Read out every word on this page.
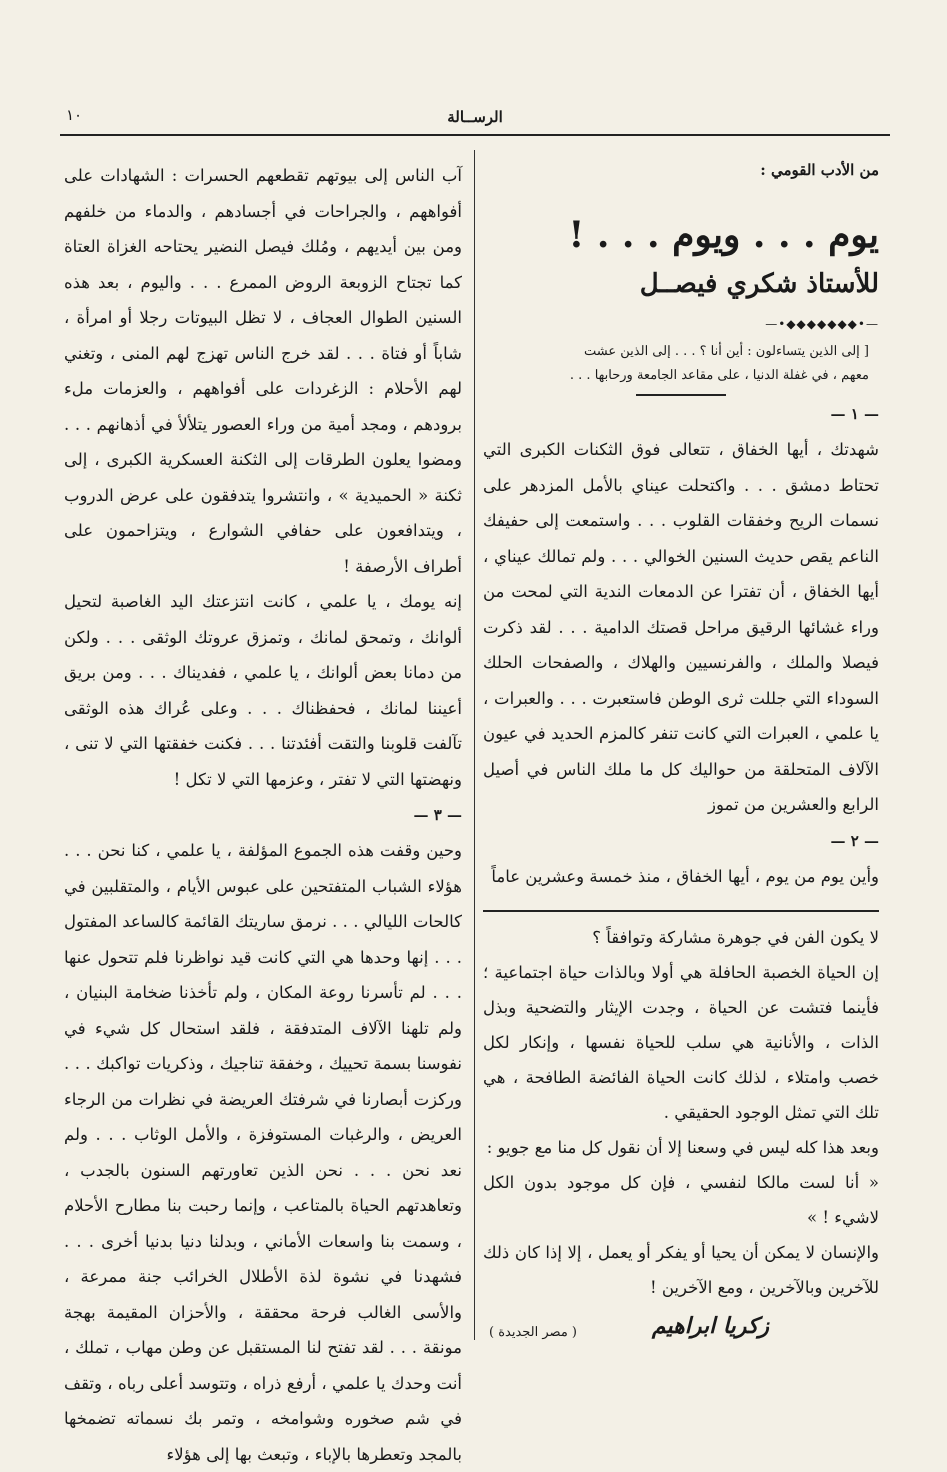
الرســالة
١٠
من الأدب القومي :
يوم . . . ويوم . . . !
للأستاذ شكري فيصــل
—•◆◆◆◆◆◆◆•—
[ إلى الذين يتساءلون : أين أنا ؟ . . . إلى الذين عشت
معهم ، في غفلة الدنيا ، على مقاعد الجامعة ورحابها . . .
— ١ —

شهدتك ، أيها الخفاق ، تتعالى فوق الثكنات الكبرى التي تحتاط دمشق . . . واكتحلت عيناي بالأمل المزدهر على نسمات الريح وخفقات القلوب . . . واستمعت إلى حفيفك الناعم يقص حديث السنين الخوالي . . . ولم تمالك عيناي ، أيها الخفاق ، أن تفترا عن الدمعات الندية التي لمحت من وراء غشائها الرقيق مراحل قصتك الدامية . . . لقد ذكرت فيصلا والملك ، والفرنسيين والهلاك ، والصفحات الحلك السوداء التي جللت ثرى الوطن فاستعبرت . . . والعبرات ، يا علمي ، العبرات التي كانت تنفر كالمزم الحديد في عيون الآلاف المتحلقة من حواليك كل ما ملك الناس في أصيل الرابع والعشرين من تموز

— ٢ —

وأين يوم من يوم ، أيها الخفاق ، منذ خمسة وعشرين عاماً

لا يكون الفن في جوهرة مشاركة وتوافقاً ؟

إن الحياة الخصبة الحافلة هي أولا وبالذات حياة اجتماعية ؛ فأينما فتشت عن الحياة ، وجدت الإيثار والتضحية وبذل الذات ، والأنانية هي سلب للحياة نفسها ، وإنكار لكل خصب وامتلاء ، لذلك كانت الحياة الفائضة الطافحة ، هي تلك التي تمثل الوجود الحقيقي .

وبعد هذا كله ليس في وسعنا إلا أن نقول كل منا مع جويو :

« أنا لست مالكا لنفسي ، فإن كل موجود بدون الكل لاشيء ! »

والإنسان لا يمكن أن يحيا أو يفكر أو يعمل ، إلا إذا كان ذلك للآخرين وبالآخرين ، ومع الآخرين !

زكريا ابراهيم
( مصر الجديدة )

آب الناس إلى بيوتهم تقطعهم الحسرات : الشهادات على أفواههم ، والجراحات في أجسادهم ، والدماء من خلفهم ومن بين أيديهم ، ومُلك فيصل النضير يحتاحه الغزاة العتاة كما تجتاح الزوبعة الروض الممرع . . . واليوم ، بعد هذه السنين الطوال العجاف ، لا تظل البيوتات رجلا أو امرأة ، شاباً أو فتاة . . . لقد خرج الناس تهزج لهم المنى ، وتغني لهم الأحلام : الزغردات على أفواههم ، والعزمات ملء برودهم ، ومجد أمية من وراء العصور يتلألأ في أذهانهم . . . ومضوا يعلون الطرقات إلى الثكنة العسكرية الكبرى ، إلى ثكنة « الحميدية » ، وانتشروا يتدفقون على عرض الدروب ، ويتدافعون على حفافي الشوارع ، ويتزاحمون على أطراف الأرصفة !

إنه يومك ، يا علمي ، كانت انتزعتك اليد الغاصبة لتحيل ألوانك ، وتمحق لمانك ، وتمزق عروتك الوثقى . . . ولكن من دمانا بعض ألوانك ، يا علمي ، ففديناك . . . ومن بريق أعيننا لمانك ، فحفظناك . . . وعلى عُراك هذه الوثقى تآلفت قلوبنا والتقت أفئدتنا . . . فكنت خفقتها التي لا تنى ، ونهضتها التي لا تفتر ، وعزمها التي لا تكل !

— ٣ —

وحين وقفت هذه الجموع المؤلفة ، يا علمي ، كنا نحن . . . هؤلاء الشباب المتفتحين على عبوس الأيام ، والمتقلبين في كالحات الليالي . . . نرمق ساريتك القائمة كالساعد المفتول . . . إنها وحدها هي التي كانت قيد نواظرنا فلم تتحول عنها . . . لم تأسرنا روعة المكان ، ولم تأخذنا ضخامة البنيان ، ولم تلهنا الآلاف المتدفقة ، فلقد استحال كل شيء في نفوسنا بسمة تحييك ، وخفقة تناجيك ، وذكريات تواكبك . . . وركزت أبصارنا في شرفتك العريضة في نظرات من الرجاء العريض ، والرغبات المستوفزة ، والأمل الوثاب . . . ولم نعد نحن . . . نحن الذين تعاورتهم السنون بالجدب ، وتعاهدتهم الحياة بالمتاعب ، وإنما رحبت بنا مطارح الأحلام ، وسمت بنا واسعات الأماني ، وبدلنا دنيا بدنيا أخرى . . . فشهدنا في نشوة لذة الأطلال الخرائب جنة ممرعة ، والأسى الغالب فرحة محققة ، والأحزان المقيمة بهجة مونقة . . . لقد تفتح لنا المستقبل عن وطن مهاب ، تملك ، أنت وحدك يا علمي ، أرفع ذراه ، وتتوسد أعلى رباه ، وتقف في شم صخوره وشوامخه ، وتمر بك نسماته تضمخها بالمجد وتعطرها بالإباء ، وتبعث بها إلى هؤلاء
